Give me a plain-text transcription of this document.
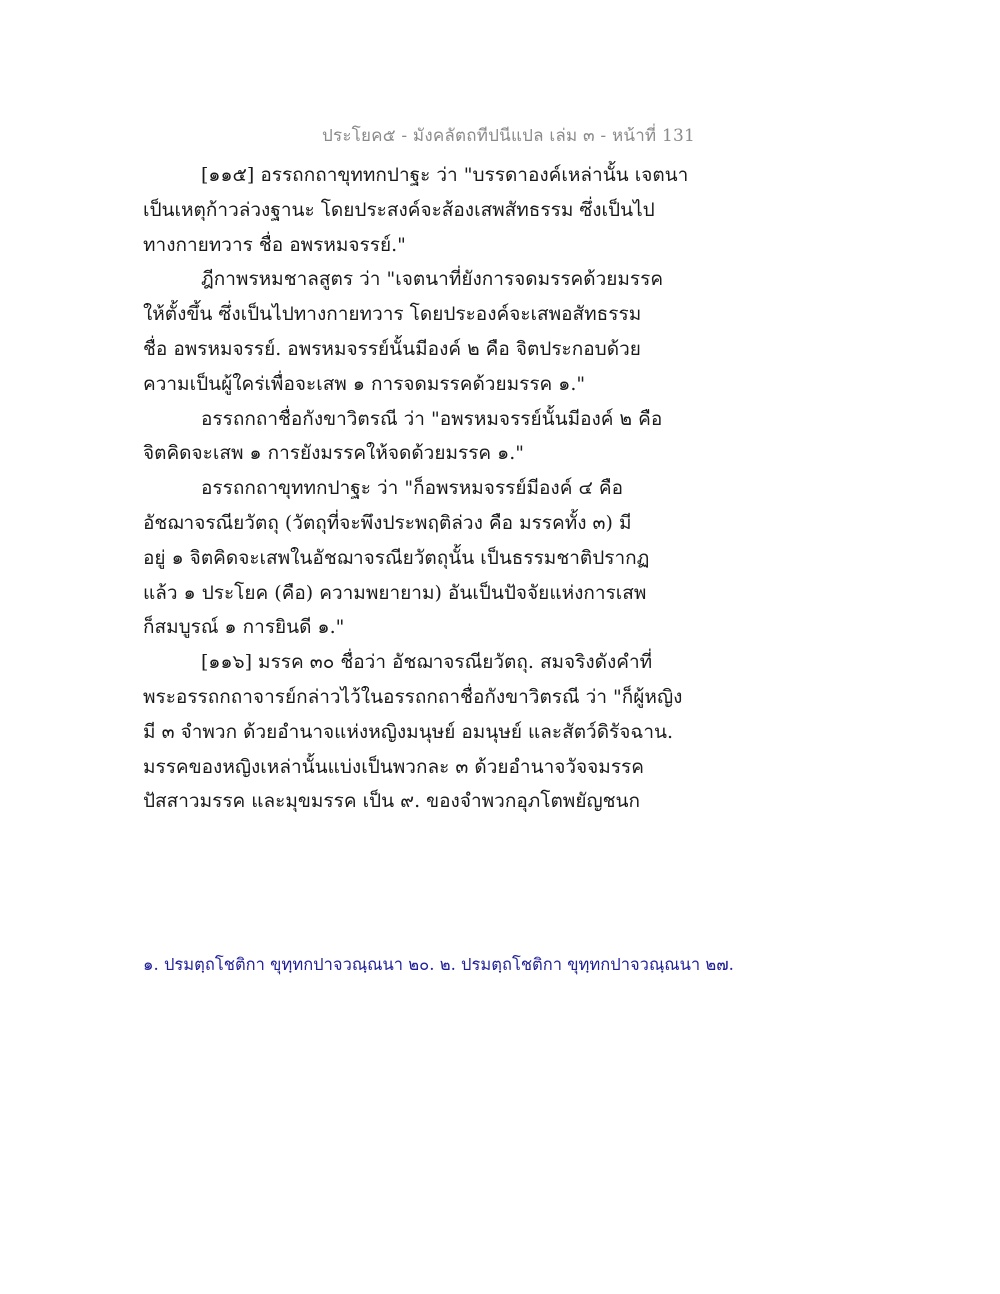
ประโยค๕ - มังคลัตถทีปนีแปล เล่ม ๓ - หน้าที่ 131
[๑๑๕] อรรถกถาขุททกปาฐะ ว่า "บรรดาองค์เหล่านั้น เจตนา
เป็นเหตุก้าวล่วงฐานะ โดยประสงค์จะส้องเสพสัทธรรม ซึ่งเป็นไป
ทางกายทวาร ชื่อ อพรหมจรรย์."
ฎีกาพรหมชาลสูตร ว่า "เจตนาที่ยังการจดมรรคด้วยมรรค
ให้ตั้งขึ้น ซึ่งเป็นไปทางกายทวาร โดยประองค์จะเสพอสัทธรรม
ชื่อ อพรหมจรรย์. อพรหมจรรย์นั้นมีองค์ ๒ คือ จิตประกอบด้วย
ความเป็นผู้ใคร่เพื่อจะเสพ ๑ การจดมรรคด้วยมรรค ๑."
อรรถกถาชื่อกังขาวิตรณี ว่า "อพรหมจรรย์นั้นมีองค์ ๒ คือ
จิตคิดจะเสพ ๑ การยังมรรคให้จดด้วยมรรค ๑."
อรรถกถาขุททกปาฐะ ว่า "ก็อพรหมจรรย์มีองค์ ๔ คือ
อัชฌาจรณียวัตถุ (วัตถุที่จะพึงประพฤติล่วง คือ มรรคทั้ง ๓) มี
อยู่ ๑ จิตคิดจะเสพในอัชฌาจรณียวัตถุนั้น เป็นธรรมชาติปรากฏ
แล้ว ๑ ประโยค (คือ) ความพยายาม) อันเป็นปัจจัยแห่งการเสพ
ก็สมบูรณ์ ๑ การยินดี ๑."
[๑๑๖] มรรค ๓๐ ชื่อว่า อัชฌาจรณียวัตถุ. สมจริงดังคำที่
พระอรรถกถาจารย์กล่าวไว้ในอรรถกถาชื่อกังขาวิตรณี ว่า "ก็ผู้หญิง
มี ๓ จำพวก ด้วยอำนาจแห่งหญิงมนุษย์ อมนุษย์ และสัตว์ดิรัจฉาน.
มรรคของหญิงเหล่านั้นแบ่งเป็นพวกละ ๓ ด้วยอำนาจวัจจมรรค
ปัสสาวมรรค และมุขมรรค เป็น ๙. ของจำพวกอุภโตพยัญชนก
๑. ปรมตฺถโชติกา ขุทฺทกปาจวณฺณนา ๒๐. ๒. ปรมตฺถโชติกา ขุทฺทกปาจวณฺณนา ๒๗.
